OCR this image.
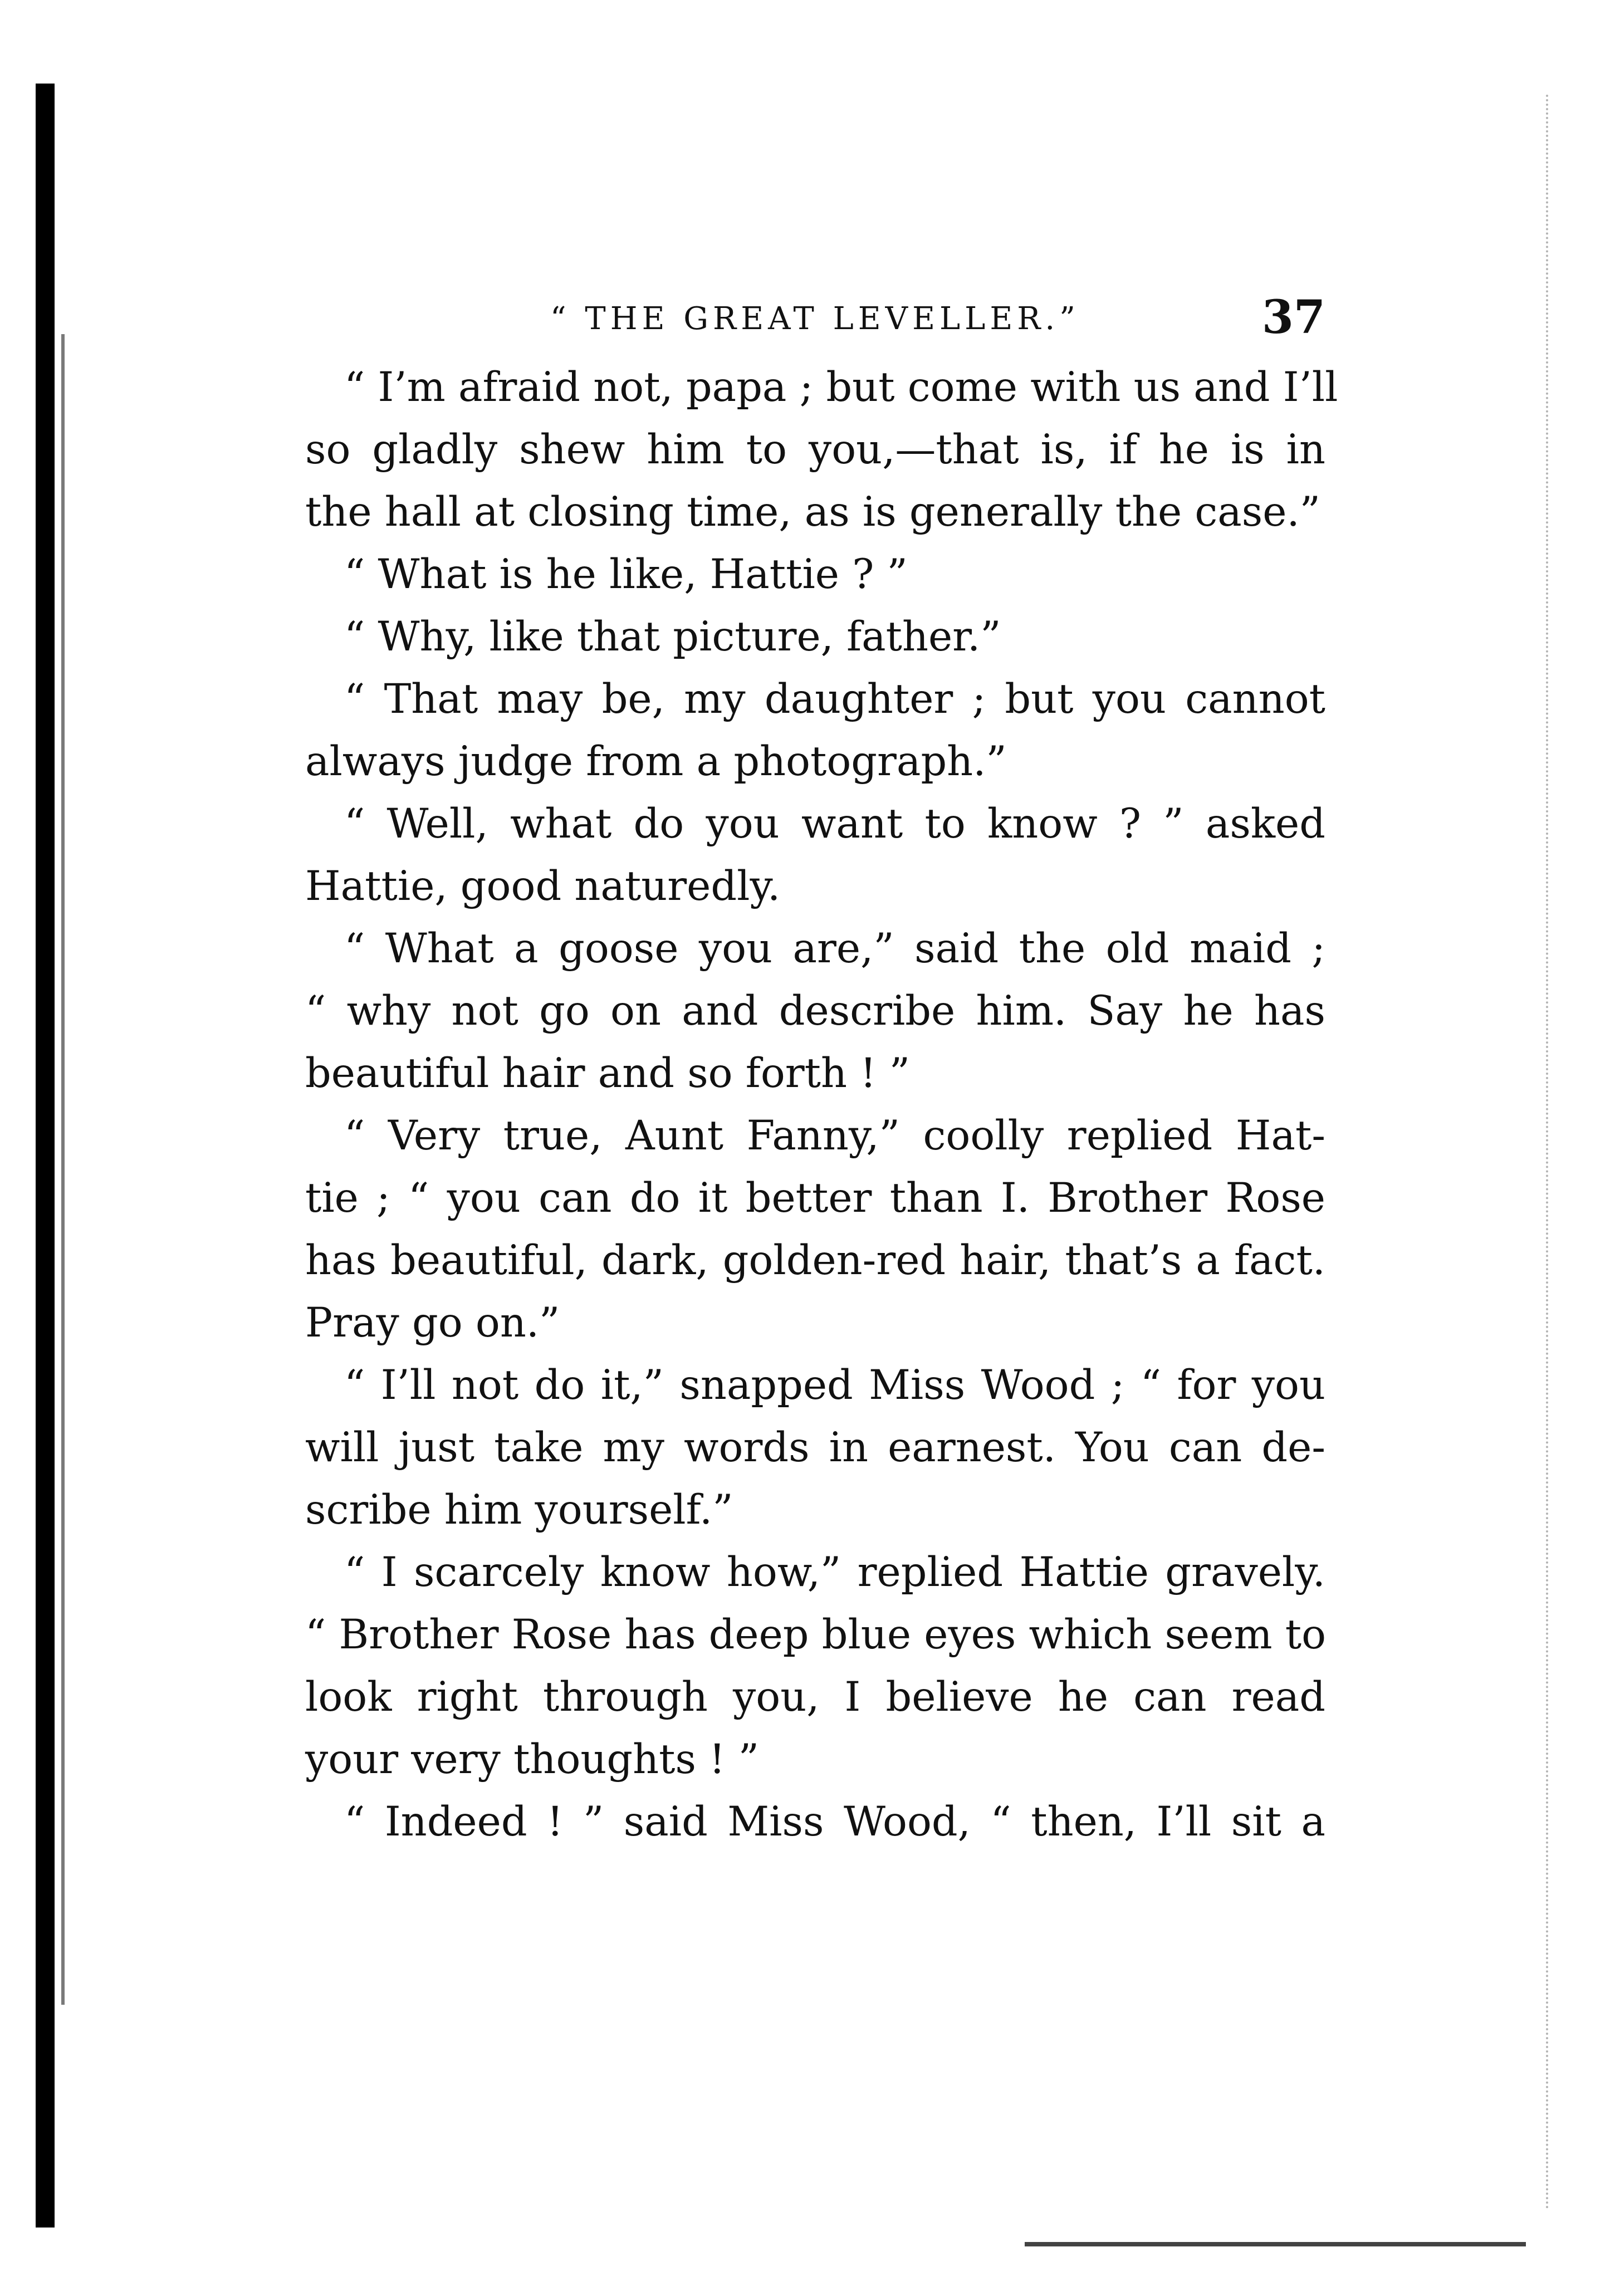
“ THE GREAT LEVELLER.”	37
“ I’m afraid not, papa ; but come with us and I’ll
so gladly shew him to you,—that is, if he is in
the hall at closing time, as is generally the case.”
“ What is he like, Hattie ? ”
“ Why, like that picture, father.”
“ That may be, my daughter ; but you cannot
always judge from a photograph.”
“ Well, what do you want to know ? ” asked
Hattie, good naturedly.
“ What a goose you are,” said the old maid ;
“ why not go on and describe him. Say he has
beautiful hair and so forth ! ”
“ Very true, Aunt Fanny,” coolly replied Hat-
tie ; “ you can do it better than I. Brother Rose
has beautiful, dark, golden-red hair, that’s a fact.
Pray go on.”
“ I’ll not do it,” snapped Miss Wood ; “ for you
will just take my words in earnest. You can de-
scribe him yourself.”
“ I scarcely know how,” replied Hattie gravely.
“ Brother Rose has deep blue eyes which seem to
look right through you, I believe he can read
your very thoughts ! ”
“ Indeed ! ” said Miss Wood, “ then, I’ll sit a
